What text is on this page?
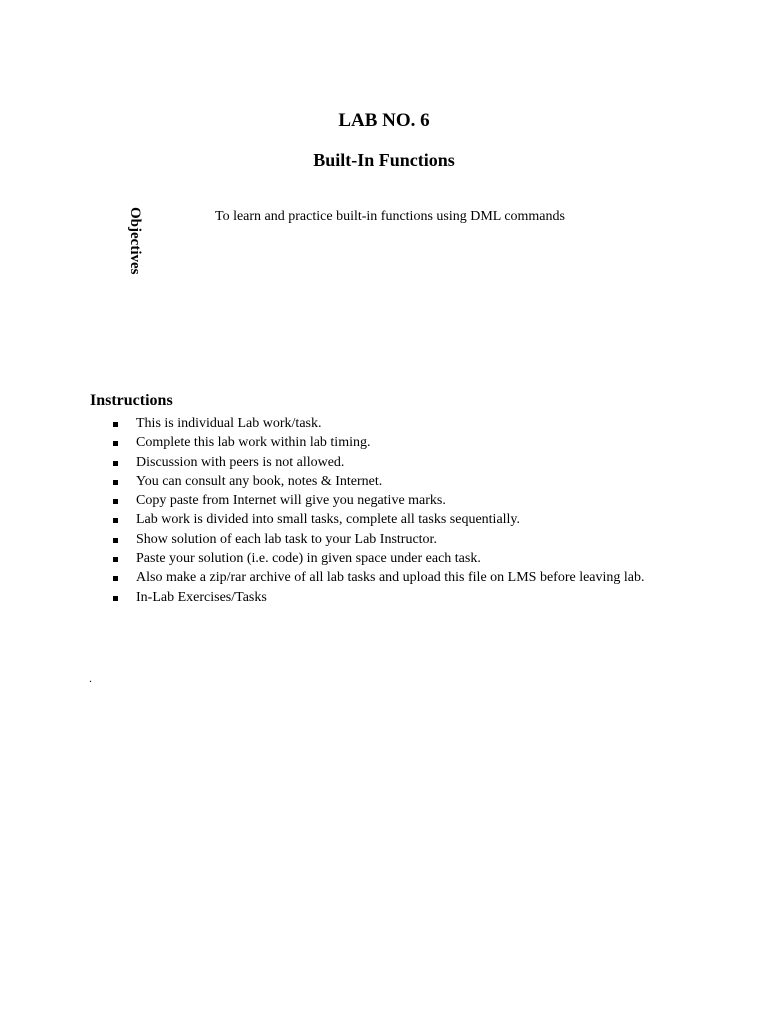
LAB NO. 6
Built-In Functions
Objectives	To learn and practice built-in functions using DML commands
Instructions
This is individual Lab work/task.
Complete this lab work within lab timing.
Discussion with peers is not allowed.
You can consult any book, notes & Internet.
Copy paste from Internet will give you negative marks.
Lab work is divided into small tasks, complete all tasks sequentially.
Show solution of each lab task to your Lab Instructor.
Paste your solution (i.e. code) in given space under each task.
Also make a zip/rar archive of all lab tasks and upload this file on LMS before leaving lab.
In-Lab Exercises/Tasks
.
